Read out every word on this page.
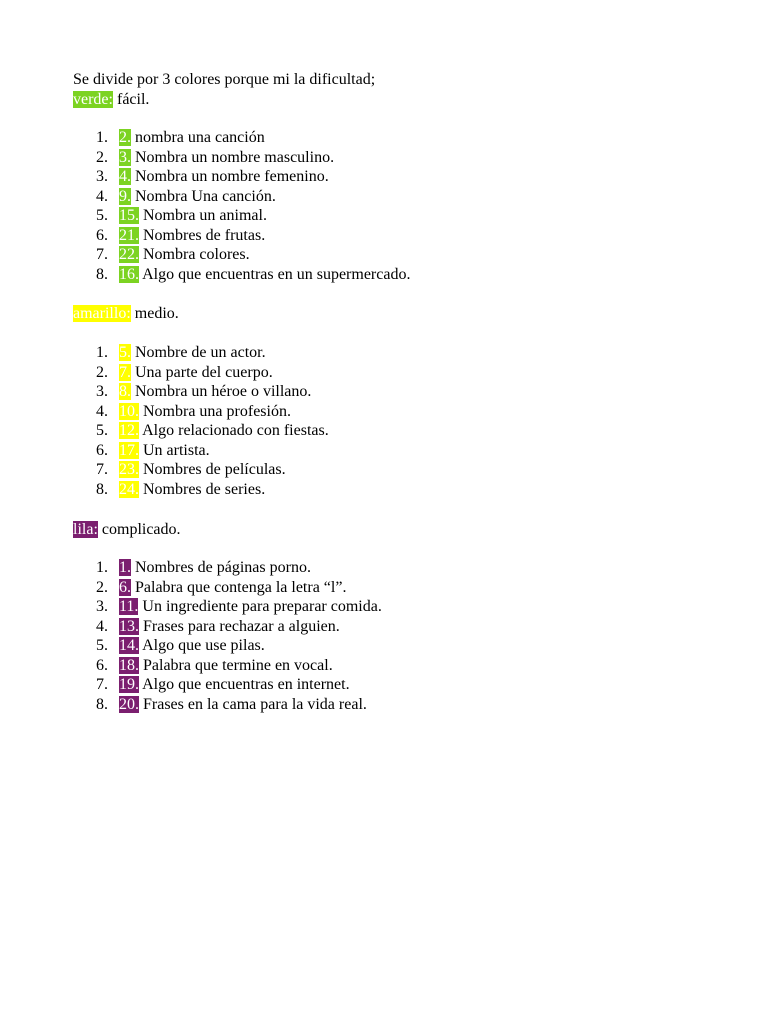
Se divide por 3 colores porque mi la dificultad;
verde: fácil.
1. 2. nombra una canción
2. 3. Nombra un nombre masculino.
3. 4. Nombra un nombre femenino.
4. 9. Nombra Una canción.
5. 15. Nombra un animal.
6. 21. Nombres de frutas.
7. 22. Nombra colores.
8. 16. Algo que encuentras en un supermercado.
amarillo: medio.
1. 5. Nombre de un actor.
2. 7. Una parte del cuerpo.
3. 8. Nombra un héroe o villano.
4. 10. Nombra una profesión.
5. 12. Algo relacionado con fiestas.
6. 17. Un artista.
7. 23. Nombres de películas.
8. 24. Nombres de series.
lila: complicado.
1. 1. Nombres de páginas porno.
2. 6. Palabra que contenga la letra “l”.
3. 11. Un ingrediente para preparar comida.
4. 13. Frases para rechazar a alguien.
5. 14. Algo que use pilas.
6. 18. Palabra que termine en vocal.
7. 19. Algo que encuentras en internet.
8. 20. Frases en la cama para la vida real.
